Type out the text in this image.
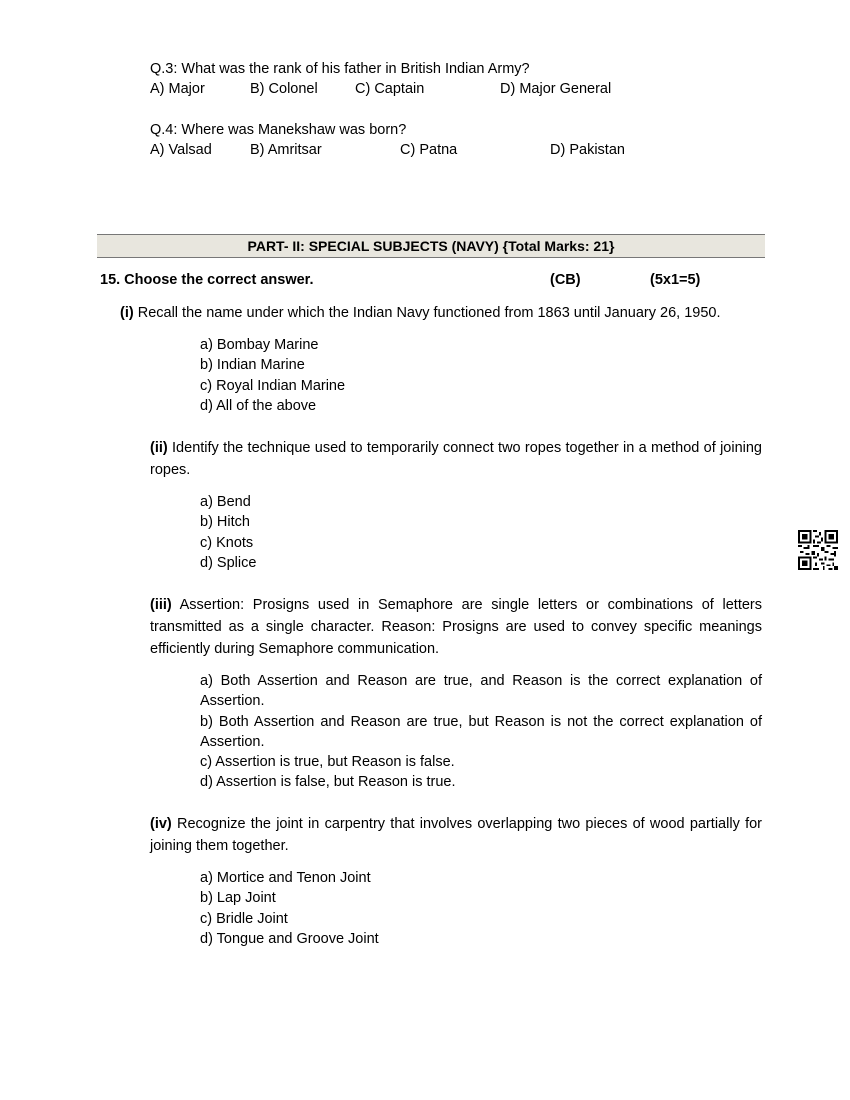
Q.3: What was the rank of his father in British Indian Army?
A) Major	B) Colonel	C) Captain	D) Major General
Q.4: Where was Manekshaw was born?
A) Valsad	B) Amritsar	C) Patna	D) Pakistan
PART- II: SPECIAL SUBJECTS (NAVY) {Total Marks: 21}
15. Choose the correct answer.	(CB)	(5x1=5)
(i) Recall the name under which the Indian Navy functioned from 1863 until January 26, 1950.
a) Bombay Marine
b) Indian Marine
c) Royal Indian Marine
d) All of the above
(ii) Identify the technique used to temporarily connect two ropes together in a method of joining ropes.
a) Bend
b) Hitch
c) Knots
d) Splice
(iii) Assertion: Prosigns used in Semaphore are single letters or combinations of letters transmitted as a single character. Reason: Prosigns are used to convey specific meanings efficiently during Semaphore communication.
a) Both Assertion and Reason are true, and Reason is the correct explanation of Assertion.
b) Both Assertion and Reason are true, but Reason is not the correct explanation of Assertion.
c) Assertion is true, but Reason is false.
d) Assertion is false, but Reason is true.
(iv) Recognize the joint in carpentry that involves overlapping two pieces of wood partially for joining them together.
a) Mortice and Tenon Joint
b) Lap Joint
c) Bridle Joint
d) Tongue and Groove Joint
